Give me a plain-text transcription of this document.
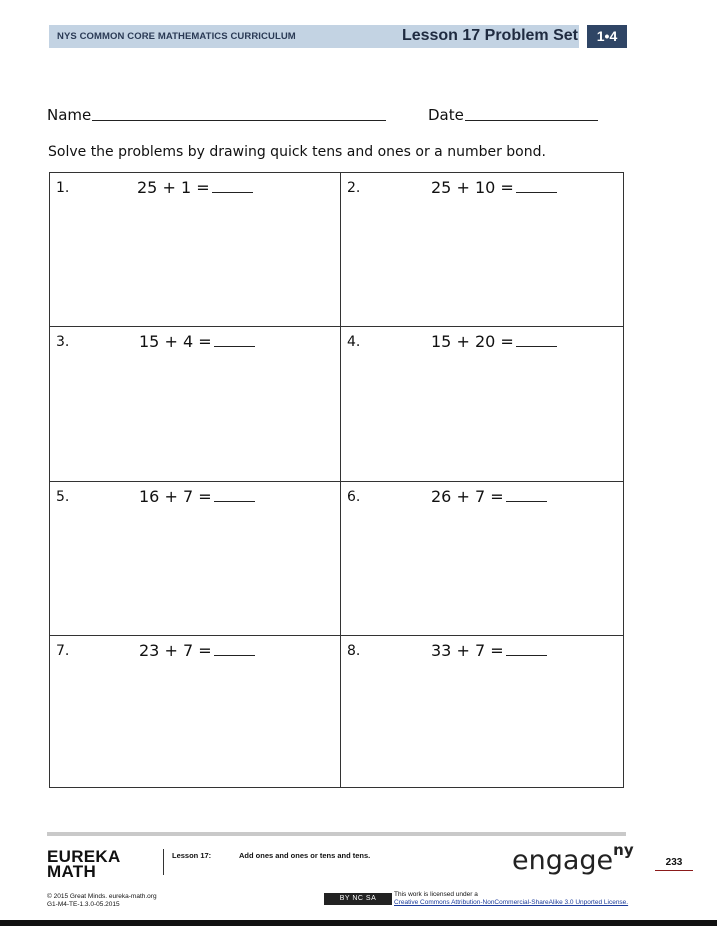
NYS COMMON CORE MATHEMATICS CURRICULUM	Lesson 17 Problem Set	1•4
Name	Date
Solve the problems by drawing quick tens and ones or a number bond.
1.	25 + 1 =	2.	25 + 10 =
3.	15 + 4 =	4.	15 + 20 =
5.	16 + 7 =	6.	26 + 7 =
7.	23 + 7 =	8.	33 + 7 =
EUREKA
MATH
Lesson 17:	Add ones and ones or tens and tens.	engage$^{ny}$
233
© 2015 Great Minds. eureka-math.org
G1-M4-TE-1.3.0-05.2015
BY NC SA
This work is licensed under a
Creative Commons Attribution-NonCommercial-ShareAlike 3.0 Unported License.
